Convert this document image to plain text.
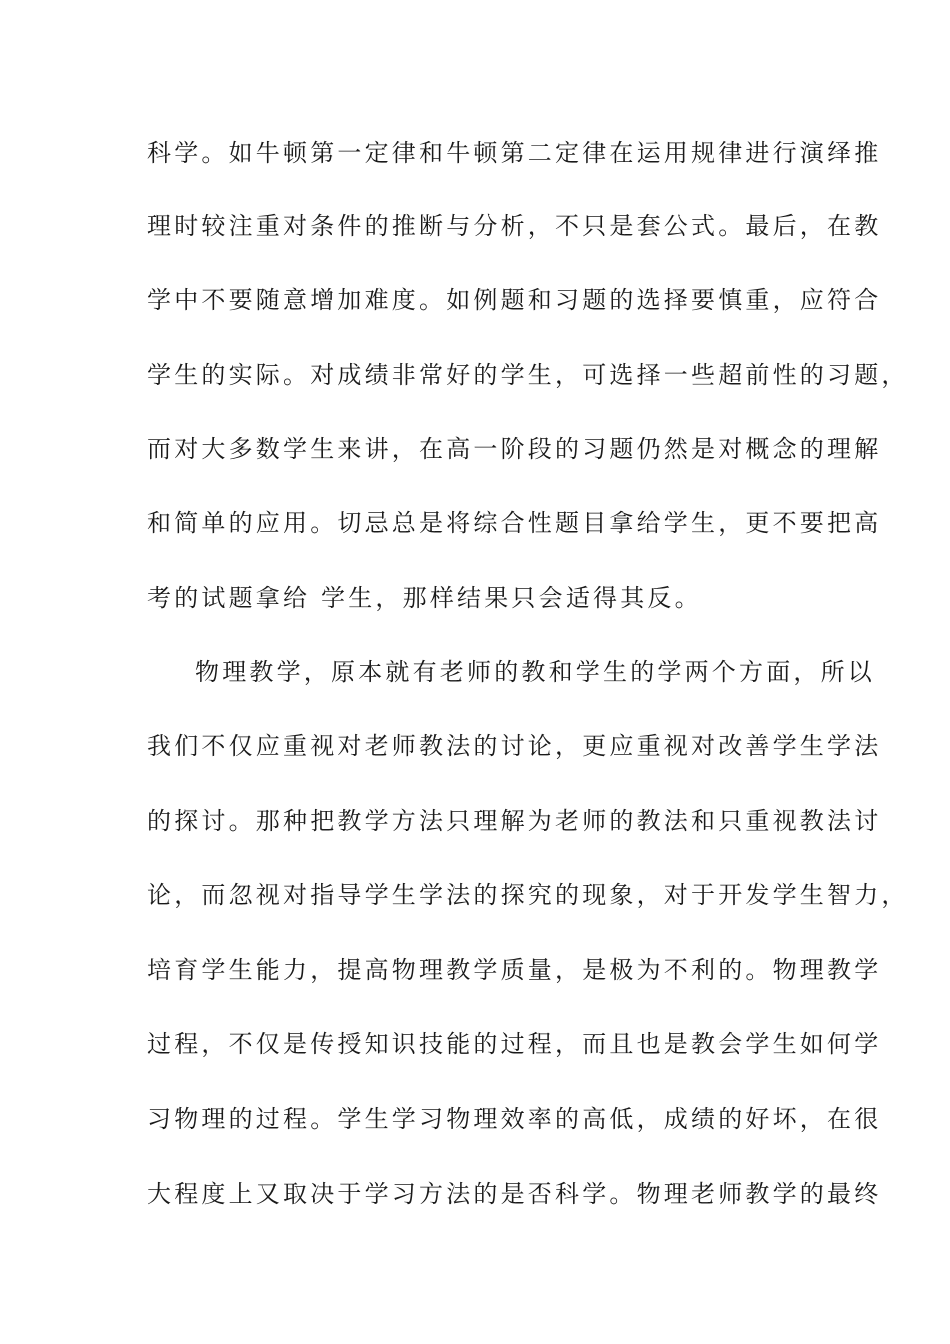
科学。如牛顿第一定律和牛顿第二定律在运用规律进行演绎推
理时较注重对条件的推断与分析，不只是套公式。最后，在教
学中不要随意增加难度。如例题和习题的选择要慎重，应符合
学生的实际。对成绩非常好的学生，可选择一些超前性的习题，
而对大多数学生来讲，在高一阶段的习题仍然是对概念的理解
和简单的应用。切忌总是将综合性题目拿给学生，更不要把高
考的试题拿给 学生，那样结果只会适得其反。
物理教学，原本就有老师的教和学生的学两个方面，所以
我们不仅应重视对老师教法的讨论，更应重视对改善学生学法
的探讨。那种把教学方法只理解为老师的教法和只重视教法讨
论，而忽视对指导学生学法的探究的现象，对于开发学生智力，
培育学生能力，提高物理教学质量，是极为不利的。物理教学
过程，不仅是传授知识技能的过程，而且也是教会学生如何学
习物理的过程。学生学习物理效率的高低，成绩的好坏，在很
大程度上又取决于学习方法的是否科学。物理老师教学的最终
